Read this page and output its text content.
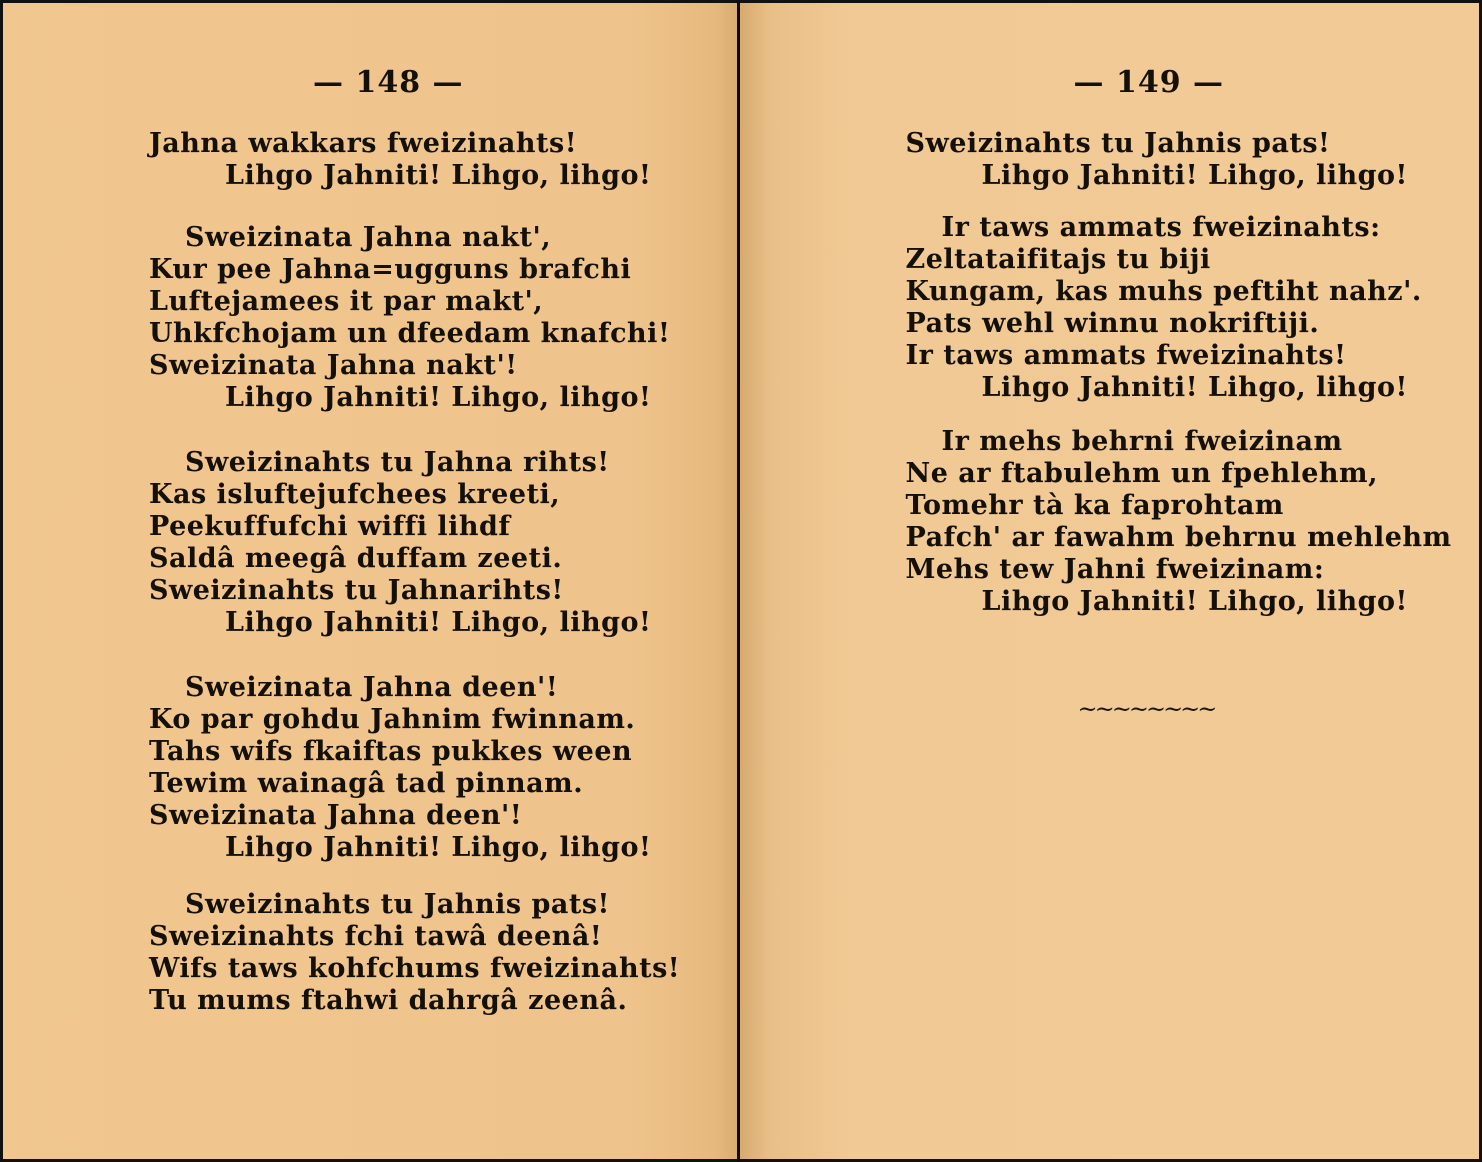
— 148 —
Jahna wakkars fweizinahts!
Lihgo Jahniti! Lihgo, lihgo!
Sweizinata Jahna nakt',
Kur pee Jahna=ugguns brafchi
Luftejamees it par makt',
Uhkfchojam un dfeedam knafchi!
Sweizinata Jahna nakt'!
Lihgo Jahniti! Lihgo, lihgo!
Sweizinahts tu Jahna rihts!
Kas isluftejufchees kreeti,
Peekuffufchi wiffi lihdf
Saldâ meegâ duffam zeeti.
Sweizinahts tu Jahnarihts!
Lihgo Jahniti! Lihgo, lihgo!
Sweizinata Jahna deen'!
Ko par gohdu Jahnim fwinnam.
Tahs wifs fkaiftas pukkes ween
Tewim wainagâ tad pinnam.
Sweizinata Jahna deen'!
Lihgo Jahniti! Lihgo, lihgo!
Sweizinahts tu Jahnis pats!
Sweizinahts fchi tawâ deenâ!
Wifs taws kohfchums fweizinahts!
Tu mums ftahwi dahrgâ zeenâ.
— 149 —
Sweizinahts tu Jahnis pats!
Lihgo Jahniti! Lihgo, lihgo!
Ir taws ammats fweizinahts:
Zeltataifitajs tu biji
Kungam, kas muhs peftiht nahz'.
Pats wehl winnu nokriftiji.
Ir taws ammats fweizinahts!
Lihgo Jahniti! Lihgo, lihgo!
Ir mehs behrni fweizinam
Ne ar ftabulehm un fpehlehm,
Tomehr tà ka faprohtam
Pafch' ar fawahm behrnu mehlehm
Mehs tew Jahni fweizinam:
Lihgo Jahniti! Lihgo, lihgo!
~~~~~~~~
